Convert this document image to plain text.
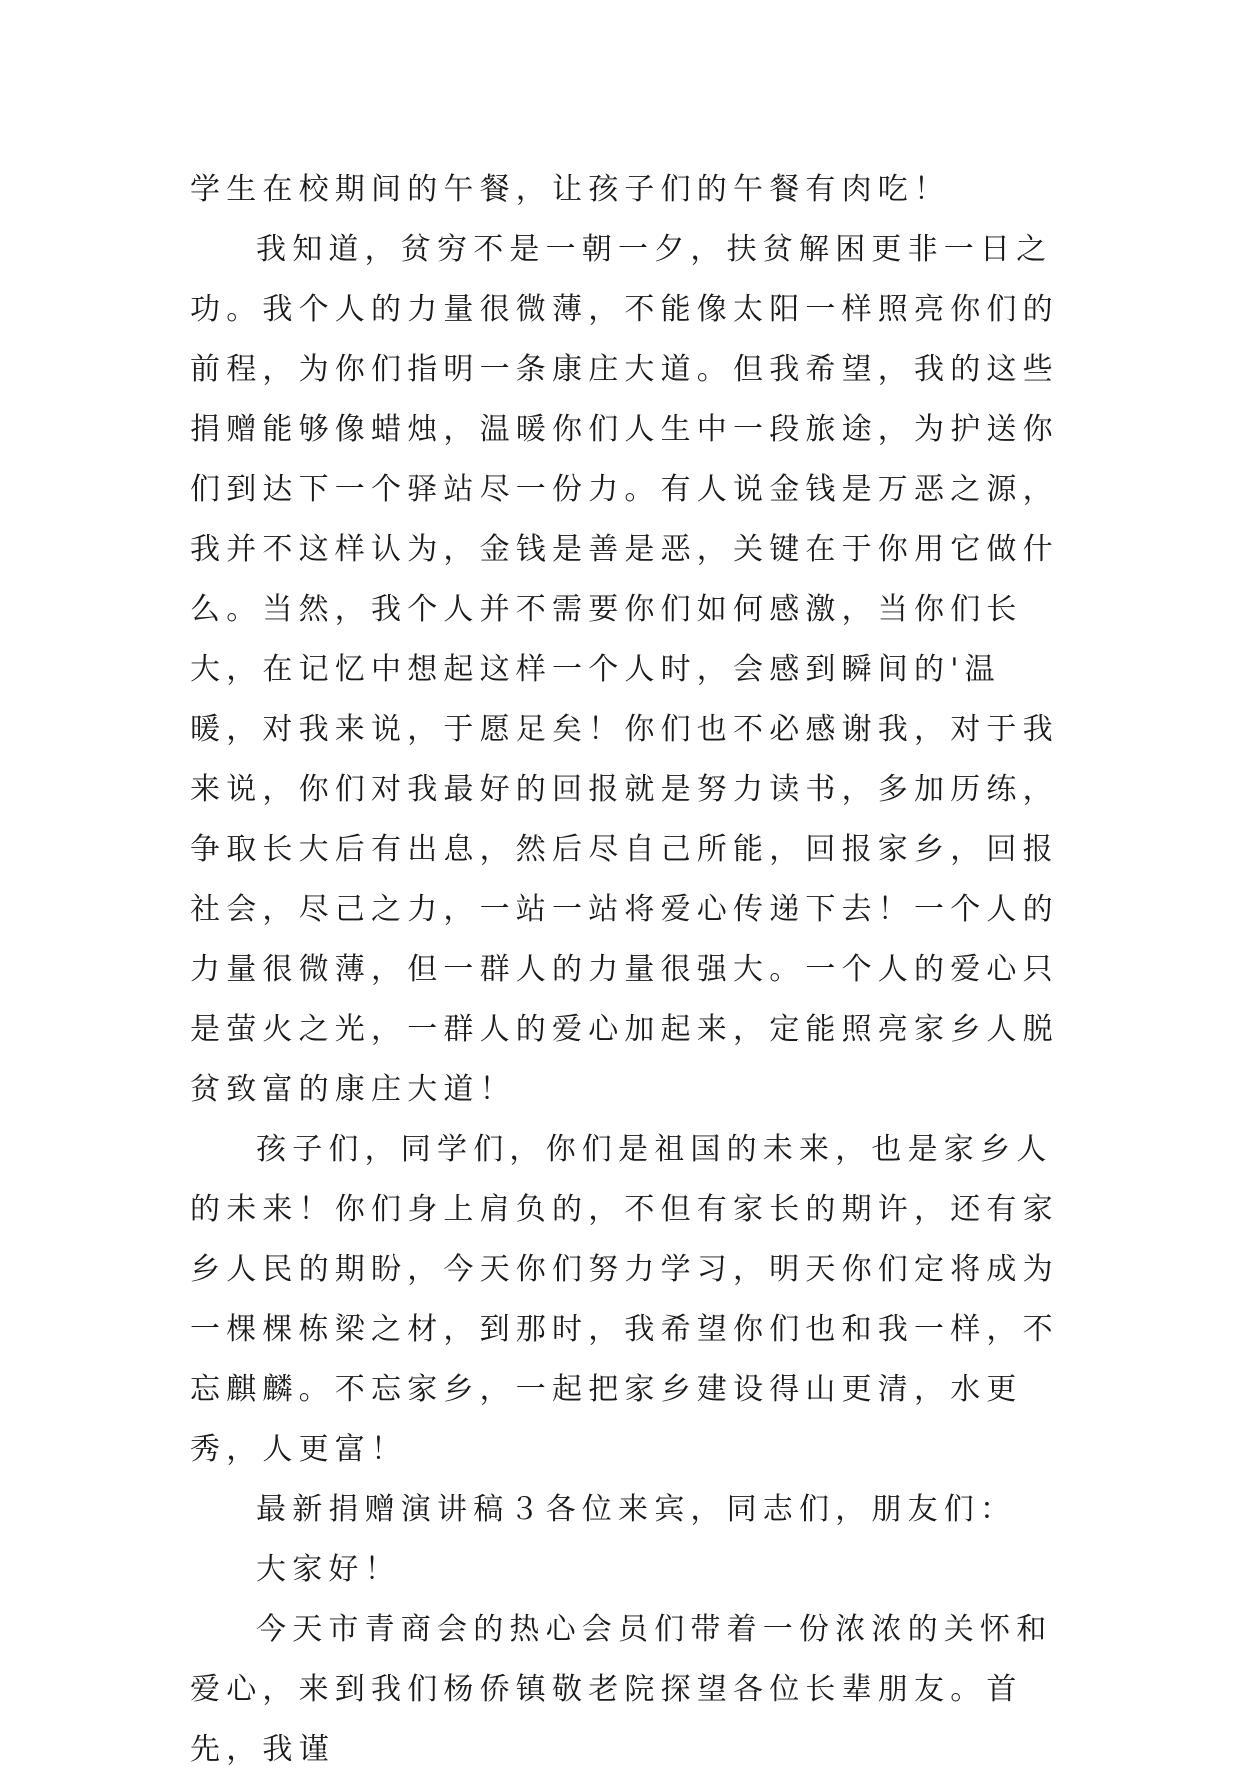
学生在校期间的午餐，让孩子们的午餐有肉吃！

我知道，贫穷不是一朝一夕，扶贫解困更非一日之功。我个人的力量很微薄，不能像太阳一样照亮你们的前程，为你们指明一条康庄大道。但我希望，我的这些捐赠能够像蜡烛，温暖你们人生中一段旅途，为护送你们到达下一个驿站尽一份力。有人说金钱是万恶之源，我并不这样认为，金钱是善是恶，关键在于你用它做什么。当然，我个人并不需要你们如何感激，当你们长大，在记忆中想起这样一个人时，会感到瞬间的'温暖，对我来说，于愿足矣！你们也不必感谢我，对于我来说，你们对我最好的回报就是努力读书，多加历练，争取长大后有出息，然后尽自己所能，回报家乡，回报社会，尽己之力，一站一站将爱心传递下去！一个人的力量很微薄，但一群人的力量很强大。一个人的爱心只是萤火之光，一群人的爱心加起来，定能照亮家乡人脱贫致富的康庄大道！

孩子们，同学们，你们是祖国的未来，也是家乡人的未来！你们身上肩负的，不但有家长的期许，还有家乡人民的期盼，今天你们努力学习，明天你们定将成为一棵棵栋梁之材，到那时，我希望你们也和我一样，不忘麒麟。不忘家乡，一起把家乡建设得山更清，水更秀，人更富！

最新捐赠演讲稿３各位来宾，同志们，朋友们：

大家好！

今天市青商会的热心会员们带着一份浓浓的关怀和爱心，来到我们杨侨镇敬老院探望各位长辈朋友。首先，我谨
